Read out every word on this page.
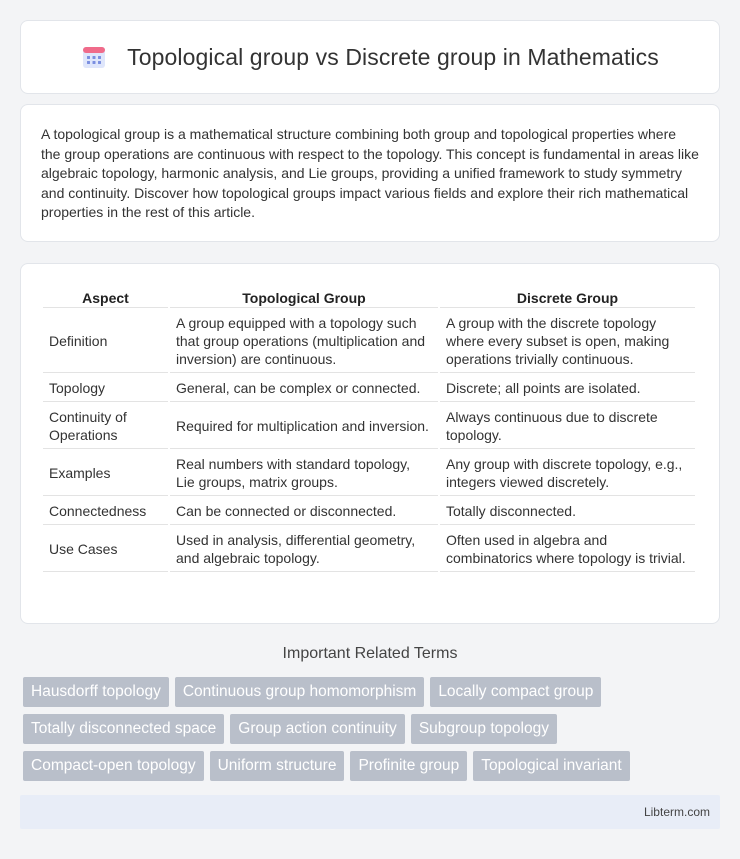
Topological group vs Discrete group in Mathematics

A topological group is a mathematical structure combining both group and topological properties where the group operations are continuous with respect to the topology. This concept is fundamental in areas like algebraic topology, harmonic analysis, and Lie groups, providing a unified framework to study symmetry and continuity. Discover how topological groups impact various fields and explore their rich mathematical properties in the rest of this article.

Aspect	Topological Group	Discrete Group
Definition	A group equipped with a topology such that group operations (multiplication and inversion) are continuous.	A group with the discrete topology where every subset is open, making operations trivially continuous.
Topology	General, can be complex or connected.	Discrete; all points are isolated.
Continuity of Operations	Required for multiplication and inversion.	Always continuous due to discrete topology.
Examples	Real numbers with standard topology, Lie groups, matrix groups.	Any group with discrete topology, e.g., integers viewed discretely.
Connectedness	Can be connected or disconnected.	Totally disconnected.
Use Cases	Used in analysis, differential geometry, and algebraic topology.	Often used in algebra and combinatorics where topology is trivial.
Important Related Terms
Hausdorff topology	Continuous group homomorphism	Locally compact group
Totally disconnected space	Group action continuity	Subgroup topology
Compact-open topology	Uniform structure	Profinite group	Topological invariant
Libterm.com
